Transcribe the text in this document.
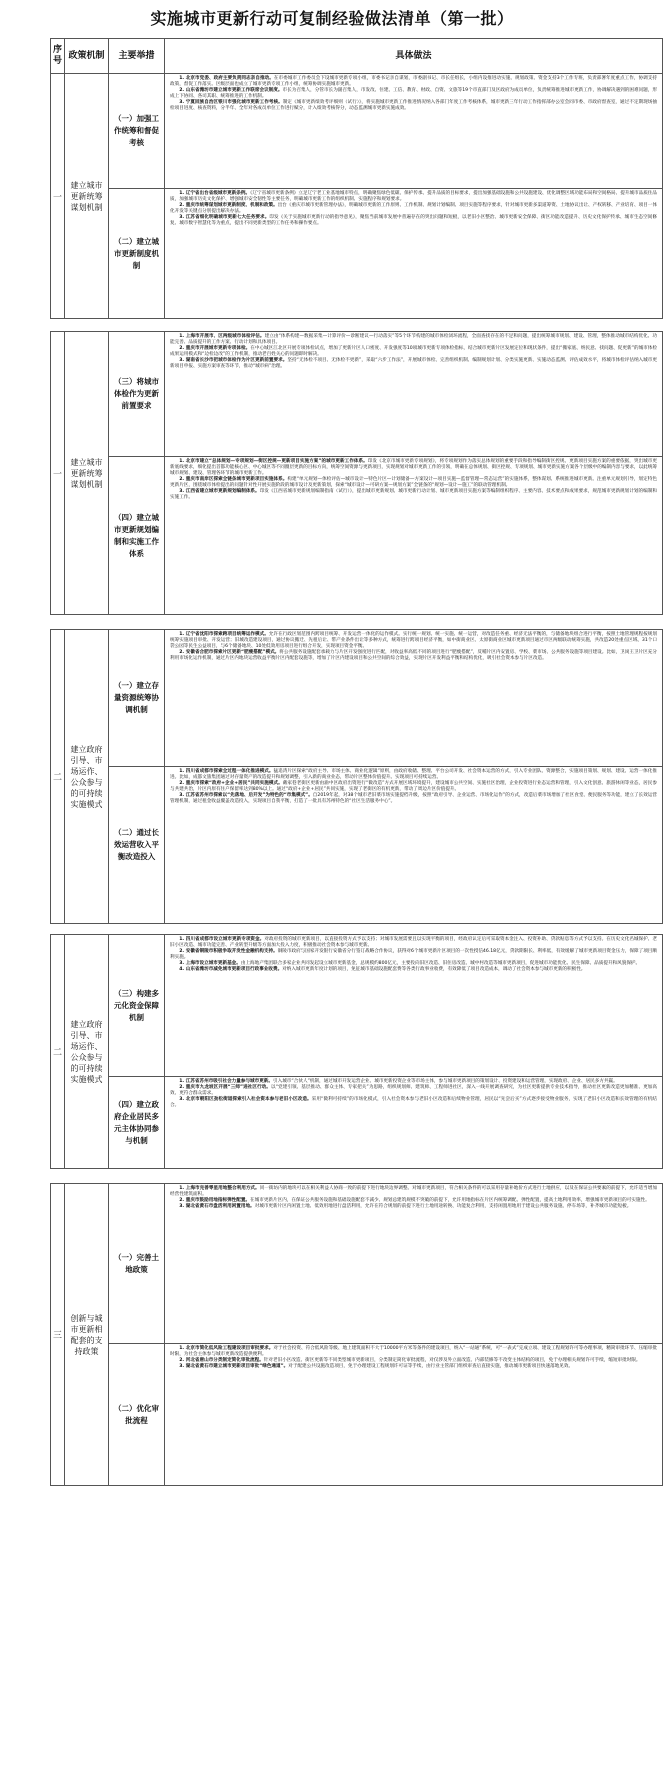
实施城市更新行动可复制经验做法清单（第一批）
序号	政策机制	主要举措	具体做法
一	建立城市更新统筹谋划机制	（一）加强工作统筹和督促考核	1. 北京市党委、政府主要负责同志亲自推动。在市委城市工作委员会下设城市更新专项小组，市委书记亲自谋划，市委副书记、市长任组长，小组内设推进动实施、规划政策、资金支持3个工作专班，负责部署年度重点工作，协调支持政策，督促工作落实。区级层面也成立了城市更新专项工作小组，统筹协调实施城市更新。

2. 山东省潍坊市建立城市更新工作联席会议制度。市长为召集人，分管市长为副召集人，市发改、住建、工信、教育、财政、自资、文旅等19个市直部门及区政府为成员单位，负责统筹推进城市更新工作，协调解决遇到的困难问题，形成上下协同、各司其职、统筹推进的工作机制。

3. 宁夏回族自治区银川市强化城市更新工作考核。制定《城市更新绩效考评细则（试行）》，将实施城市更新工作推进情况纳入各部门年度工作考核体系，城市更新三年行动工作指挥部办公室会同市委、市政府督查室，通过不定期现场抽检项目进度、核查资料，分半年、全年对各成员单位工作进行赋分，计入绩效考核得分，动态监测城市更新实施成效。

		（二）建立城市更新制度机制	1. 辽宁省出台省级城市更新条例。《辽宁省城市更新条例》立足辽宁老工业基地城市特点，明确聚焦绿色低碳、保护传承、提升品质的目标要求，提出加强基础设施和公共设施建设、优化调整区域功能布局和空间格局、提升城市品质住品质，加强城市历史文化保护、增强城市安全韧性等主要任务，明确城市更新工作的组织机制、实施程序和规划要求。

2. 重庆市统筹谋划城市更新制度、机制和政策。出台《重庆市城市更新管理办法》，明确城市更新的工作原则、工作机制、规划计划编制、项目实施等程序要求，针对城市更新多渠道筹资、土地协议出让、产权转移、产业培育、项目一体化开发等关键点分别提出解决办法。

3. 江苏省细化明确城市更新七大任务要求。印发《关于实施城市更新行动的指导意见》，聚焦当前城市发展中普遍存在的突出问题和短板，以老旧小区整治、城市更新安全保障、街区功能改造提升、历史文化保护传承、城市生态空间修复、城市数字智慧化等为重点，提出不同更新类型的工作任务和操作要点。

一	建立城市更新统筹谋划机制	（三）将城市体检作为更新前置要求	1. 上海市开展市、区两级城市体检评估。建立由“体系构建—数据采集—计算评价—诊断建议—行动落实”等5个环节构建的城市体检闭环流程，全面查找存在的不足和问题，提出统筹城市规划、建设、管理，整体推动城市结构优化、功能完善、品质提升的工作方案、行动计划和具体项目。

2. 重庆市开展城市更新专项体检。在中心城区江北区开展专项体检试点，增加了更新片区人口密度、开发强度等10项城市更新专项体检指标，结合城市更新片区发展定位和现状条件，提出“搬家底、纳民意、找问题、促更新”的城市体检成果运用模式和“边检边改”的工作机制，推动老百姓关心的问题即时解决。

3. 湖南省长沙市把城市体检作为片区更新前置要求。坚持“无体检不项目、无体检不更新”，采取“六步工作法”，开展城市体检、完善组织机制、编制规划计划、分类实施更新、实施动态监测、评估成效水平，将城市体检评估纳入城市更新项目申报、实施方案审查等环节，推动“城市病”治理。

		（四）建立城市更新规划编制和实施工作体系	1. 北京市建立“总体规划—专项规划—街区控规—更新项目实施方案”的城市更新工作体系。印发《北京市城市更新专项规划》，将专项规划作为落实总体规划的重要手段和指导编制街区控规、更新项目实施方案的重要依据，突出城市更新底线要求，细化提出首都功能核心区、中心城区等不同圈层更新的目标方向，统筹空间资源与更新项目，实现规划对城市更新工作的引领，明确在总体规划、街区控规、专项规划、城市更新实施方案各个层级中的编制内容与要求，以此统筹城市规划、建设、管理各环节的城市更新工作。

2. 重庆市南岸区探索全链条城市更新项目实施体系。构建“单元规划—体检评估—城市设计—特色片区—计划储备—方案设计—项目实施—监督管理—常态运营”的实施体系，整体谋划、系统推进城市更新。注重单元规划引导，划定特色更新片区，围绕城市体检提出的问题针对性开展实施阶段的城市设计及更新策划，探索“城市设计—可研方案—规划方案”全链条的“规划—设计—施工”的联动管理机制。

3. 江西省建立城市更新规划编制体系。印发《江西省城市更新规划编制指南（试行）》，提出城市更新规划、城市更新行动计划、城市更新项目实施方案等编制组织程序、主要内容、技术要点和成果要求，规范城市更新规划计划的编制和实施工作。

二	建立政府引导、市场运作、公众参与的可持续实施模式	（一）建立存量资源统筹协调机制	1. 辽宁省沈阳市探索跨项目统筹运作模式。允许在行政区划范围内跨项目统筹、开发运营一体化的运作模式。实行统一规划、统一实施、统一运营，对改造任务重、经济无法平衡的，与储备地块组合进行平衡，按照土地管理规程按规划统筹实施项目审批、开发运营；旧城改造建设项目，通过协议搬迁、先租后让、带产业条件出让等多种方式，统筹进行跨项目经济平衡，如中街商业区、太原街商业区城市更新项目通过市区两级联动统筹实施，共改造20处重点区域、31个口袋公园等民生公益项目，与6个储备地块、10处低效用房项目进行组合开发，实现项目资金平衡。

2. 安徽省合肥市探索片区更新“肥瘦搭配”模式。将公共服务设施配套承载力与片区开发强度进行匹配，对收益率高低不同的项目进行“肥瘦搭配”，反哺片区内安置房、学校、菜市场、公共服务设施等项目建设。比如，卫岗王卫片区充分利用市场化运作机制，通过片区内地块运营收益平衡片区内配套设施等，增加了片区内建设项目和公共空间的综合效益，实现片区开发利益平衡和结构优化，吸引社会资本参与片区改造。

		（二）通过长效运营收入平衡改造投入	1. 四川省成都市探索全过程一体化推进模式。猛追湾片区探索“政府主导、市场主体、商业化逻辑”原则，由政府收储、整理、平台公司开发、社会资本运营的方式，引入专业团队、资源整合，实施项目策划、规划、建设、运营一体化推进。比如，成都文旅集团通过对存量资产的改造提升和规划调整，引入新的商业业态，带动片区整体价值提升。实现项目可持续运营。

2. 重庆市探索“政府+企业+居民”共同实施模式。戴家巷老街区更新由渝中区政府出资进行“微改造”方式开展区域环境提升，建设城市公共空间、实施社区治理，企业投资进行业态运营和管理，引入文化创意、旅游休闲等业态，居民参与共建共治，片区内原有住户保留率达到80%以上。通过“政府+企业+居民”共同实施，实现了老街区的有机更新，带动了周边片区价值提升。

3. 江苏省苏州市探索以“先落地、后开发”为特色的“市集模式”。自2019年起，对38个城市老旧菜市场实施提档升级，按照“政府引导、企业运营、市场化运作”的方式，改造后菜市场增加了社区食堂、便民服务等功能，建立了长效运营管理机制，通过租金收益覆盖改造投入，实现项目自我平衡，打造了一批具有苏州特色的“社区生活服务中心”。

二	建立政府引导、市场运作、公众参与的可持续实施模式	（三）构建多元化资金保障机制	1. 四川省成都市设立城市更新专项资金。对政府投资的城市更新项目，以直接投资方式予以支持；对城市发展需要且以实现平衡的项目，经政府认定后可采取资本金注入、投资补助、贷款贴息等方式予以支持。在历史文化名城保护、老旧小区改造、城市功能完善、产业转型升级等方面加大投入力度，积极推动社会资本参与城市更新。

2. 安徽省铜陵市积极争取开发性金融机构支持。铜陵市政府与国家开发银行安徽省分行签订战略合作协议，获得对6个城市更新片区项目的一次性授信46.18亿元，贷款期限长、利率低，有效缓解了城市更新项目资金压力，保障了项目顺利实施。

3. 上海市设立城市更新基金。由上海地产集团联合多家企业共同发起设立城市更新基金，总规模约800亿元，主要投向旧区改造、旧住房改造、城中村改造等城市更新项目，促进城市功能优化、民生保障、品质提升和风貌保护。

4. 山东省潍坊市减免城市更新项目行政事业收费。对纳入城市更新年度计划的项目，免征城市基础设施配套费等各类行政事业收费，有效降低了项目改造成本，调动了社会资本参与城市更新的积极性。

		（四）建立政府企业居民多元主体协同参与机制	1. 江苏省苏州市吸引社会力量参与城市更新。引入城市“合伙人”机制，通过城市开发运营企业、城市更新投资企业等市场主体，参与城市更新项目的策划设计、投资建设和运营管理，实现政府、企业、居民多方共赢。

2. 重庆市九龙坡区开展“三师”进社区行动。以“党建引领、基层推动、群众主体、专家把关”为思路，组织规划师、建筑师、工程师进社区，深入一线开展调查研究，为社区更新提供专业技术指导，推动社区更新改造更加精准、更加高效、更符合群众需求。

3. 北京市朝阳区劲松街道探索引入社会资本参与老旧小区改造。采用“微利可持续”的市场化模式，引入社会资本参与老旧小区改造和后续物业管理，居民以“先尝后买”方式逐步接受物业服务，实现了老旧小区改造和长效管理的有机结合。

三	创新与城市更新相配套的支持政策	（一）完善土地政策	1. 上海市完善零星用地整合利用方式。同一街坊内的地块可以在相关利益人协商一致的前提下进行地块边界调整。对城市更新项目，符合相关条件的可以采用存量补地价方式进行土地供应，以及在保证公共要素的前提下，允许适当增加经营性建筑面积。

2. 重庆市鼓励用地指标弹性配置。在城市更新片区内，在保证公共服务设施和基础设施配套不减少、规划总建筑规模不突破的前提下，允许用地指标在片区内统筹调配、弹性配置，提高土地利用效率，增强城市更新项目的可实施性。

3. 湖北省黄石市盘活利用闲置用地。对城市更新片区内闲置土地、低效用地进行盘活利用，允许在符合规划的前提下进行土地用途转换、功能复合利用，支持闲置用地用于建设公共服务设施、停车场等，补齐城市功能短板。

		（二）优化审批流程	1. 北京市简化低风险工程建设项目审批要求。对于社会投资、符合低风险等级、地上建筑面积不大于10000平方米等条件的建设项目，纳入“一站通”系统，可“一表式”完成立项、建设工程规划许可等办理事项，精简审批环节、压缩审批时限，为社会主体参与城市更新改造提供便利。

2. 河北省唐山市分类制定简化审批流程。针对老旧小区改造、街区更新等不同类型城市更新项目，分类制定简化审批流程，对仅涉及外立面改造、内部装修等不改变主体结构的项目，免于办理相关规划许可手续，缩短审批时限。

3. 湖北省黄石市建立城市更新项目审批“绿色通道”。对于配建公共设施改造项目，免于办理建设工程规划许可证等手续，由行业主管部门组织审查后直接实施，推动城市更新项目快速落地见效。
